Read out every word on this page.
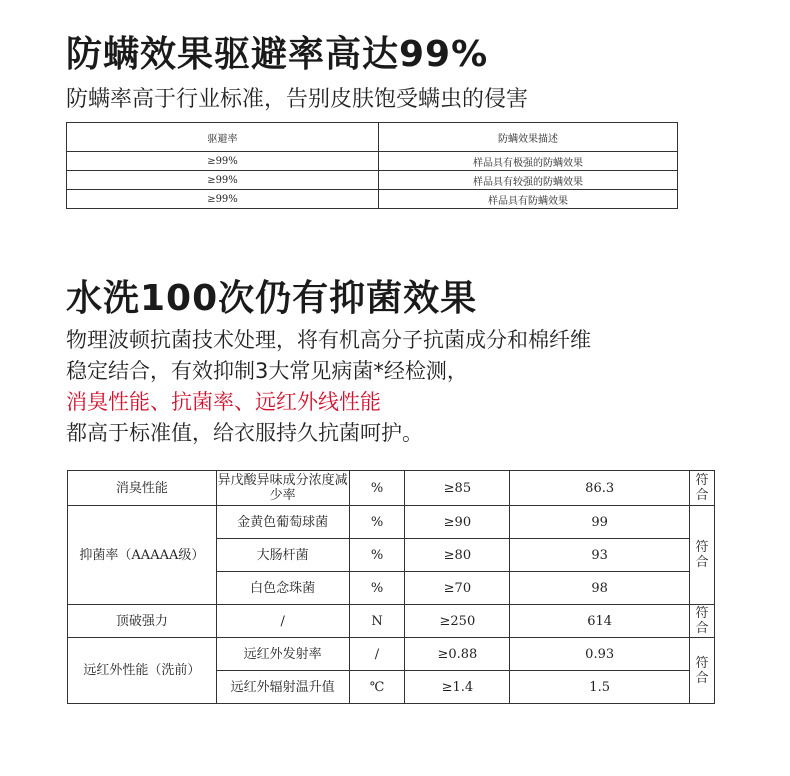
防螨效果驱避率高达99%
防螨率高于行业标准，告别皮肤饱受螨虫的侵害
驱避率	防螨效果描述
≥99%	样品具有极强的防螨效果
≥99%	样品具有较强的防螨效果
≥99%	样品具有防螨效果
水洗100次仍有抑菌效果
物理波顿抗菌技术处理，将有机高分子抗菌成分和棉纤维
稳定结合，有效抑制3大常见病菌*经检测，
消臭性能、抗菌率、远红外线性能
都高于标准值，给衣服持久抗菌呵护。
消臭性能	异戊酸异味成分浓度减少率	%	≥85	86.3	符合
抑菌率（AAAAA级）	金黄色葡萄球菌	%	≥90	99	符合
	大肠杆菌	%	≥80	93	
	白色念珠菌	%	≥70	98	
顶破强力	/	N	≥250	614	符合
远红外性能（洗前）	远红外发射率	/	≥0.88	0.93	符合
	远红外辐射温升值	℃	≥1.4	1.5	
